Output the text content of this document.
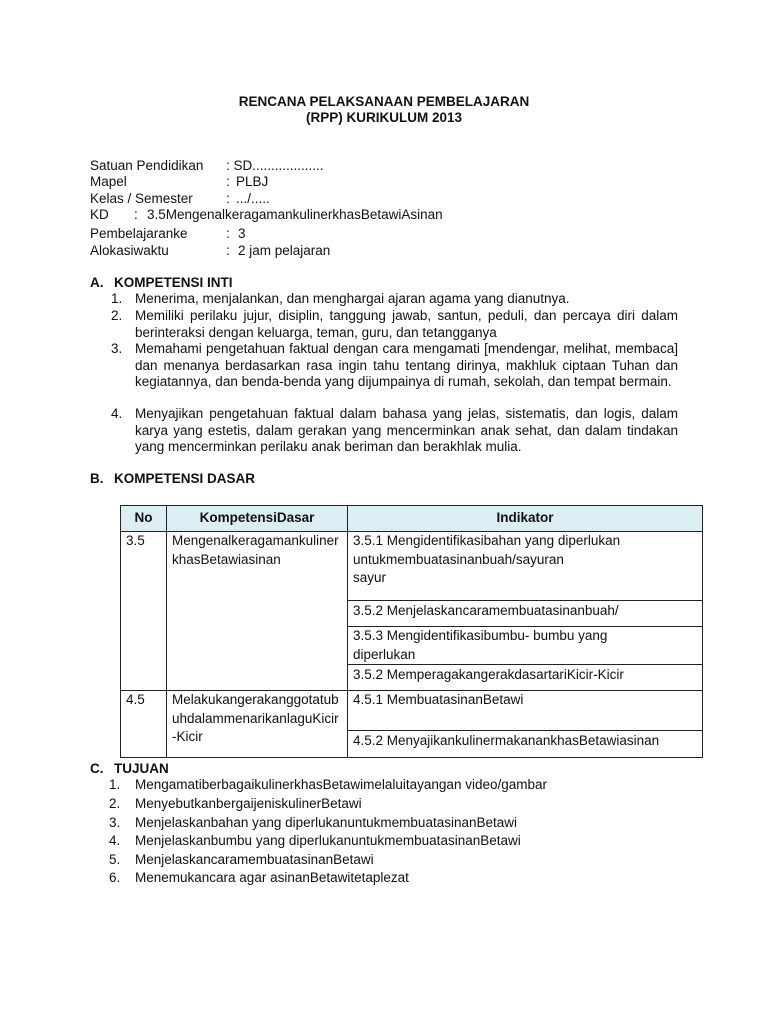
RENCANA PELAKSANAAN PEMBELAJARAN
(RPP) KURIKULUM 2013
Satuan Pendidikan : SD...................
Mapel	: PLBJ
Kelas / Semester : .../.....
KD : 3.5MengenalkeragamankulinerkhasBetawiAsinan
Pembelajaranke	: 3
Alokasiwaktu	: 2 jam pelajaran
A. KOMPETENSI INTI
1. Menerima, menjalankan, dan menghargai ajaran agama yang dianutnya.
2. Memiliki perilaku jujur, disiplin, tanggung jawab, santun, peduli, dan percaya diri dalam berinteraksi dengan keluarga, teman, guru, dan tetangganya
3. Memahami pengetahuan faktual dengan cara mengamati [mendengar, melihat, membaca] dan menanya berdasarkan rasa ingin tahu tentang dirinya, makhluk ciptaan Tuhan dan kegiatannya, dan benda-benda yang dijumpainya di rumah, sekolah, dan tempat bermain.
4. Menyajikan pengetahuan faktual dalam bahasa yang jelas, sistematis, dan logis, dalam karya yang estetis, dalam gerakan yang mencerminkan anak sehat, dan dalam tindakan yang mencerminkan perilaku anak beriman dan berakhlak mulia.
B. KOMPETENSI DASAR
No	KompetensiDasar	Indikator
3.5	MengenalkeragamankulinerkhasBetawiasinan	3.5.1 Mengidentifikasibahan yang diperlukan
untukmembuatasinanbuah/sayuran
sayur

		3.5.2 Menjelaskancaramembuatasinanbuah/

		3.5.3 Mengidentifikasibumbu- bumbu yang
diperlukan

		3.5.2 MemperagakangerakdasartariKicir-Kicir

4.5	MelakukangerakanggotatubuhdalammenarikanlaguKicir-Kicir	4.5.1 MembuatasinanBetawi

		4.5.2 MenyajikankulinermakanankhasBetawiasinan
C. TUJUAN
1. MengamatiberbagaikulinerkhasBetawimelaluitayangan video/gambar
2. MenyebutkanbergaijeniskulinerBetawi
3. Menjelaskanbahan yang diperlukanuntukmembuatasinanBetawi
4. Menjelaskanbumbu yang diperlukanuntukmembuatasinanBetawi
5. MenjelaskancaramembuatasinanBetawi
6. Menemukancara agar asinanBetawitetaplezat
